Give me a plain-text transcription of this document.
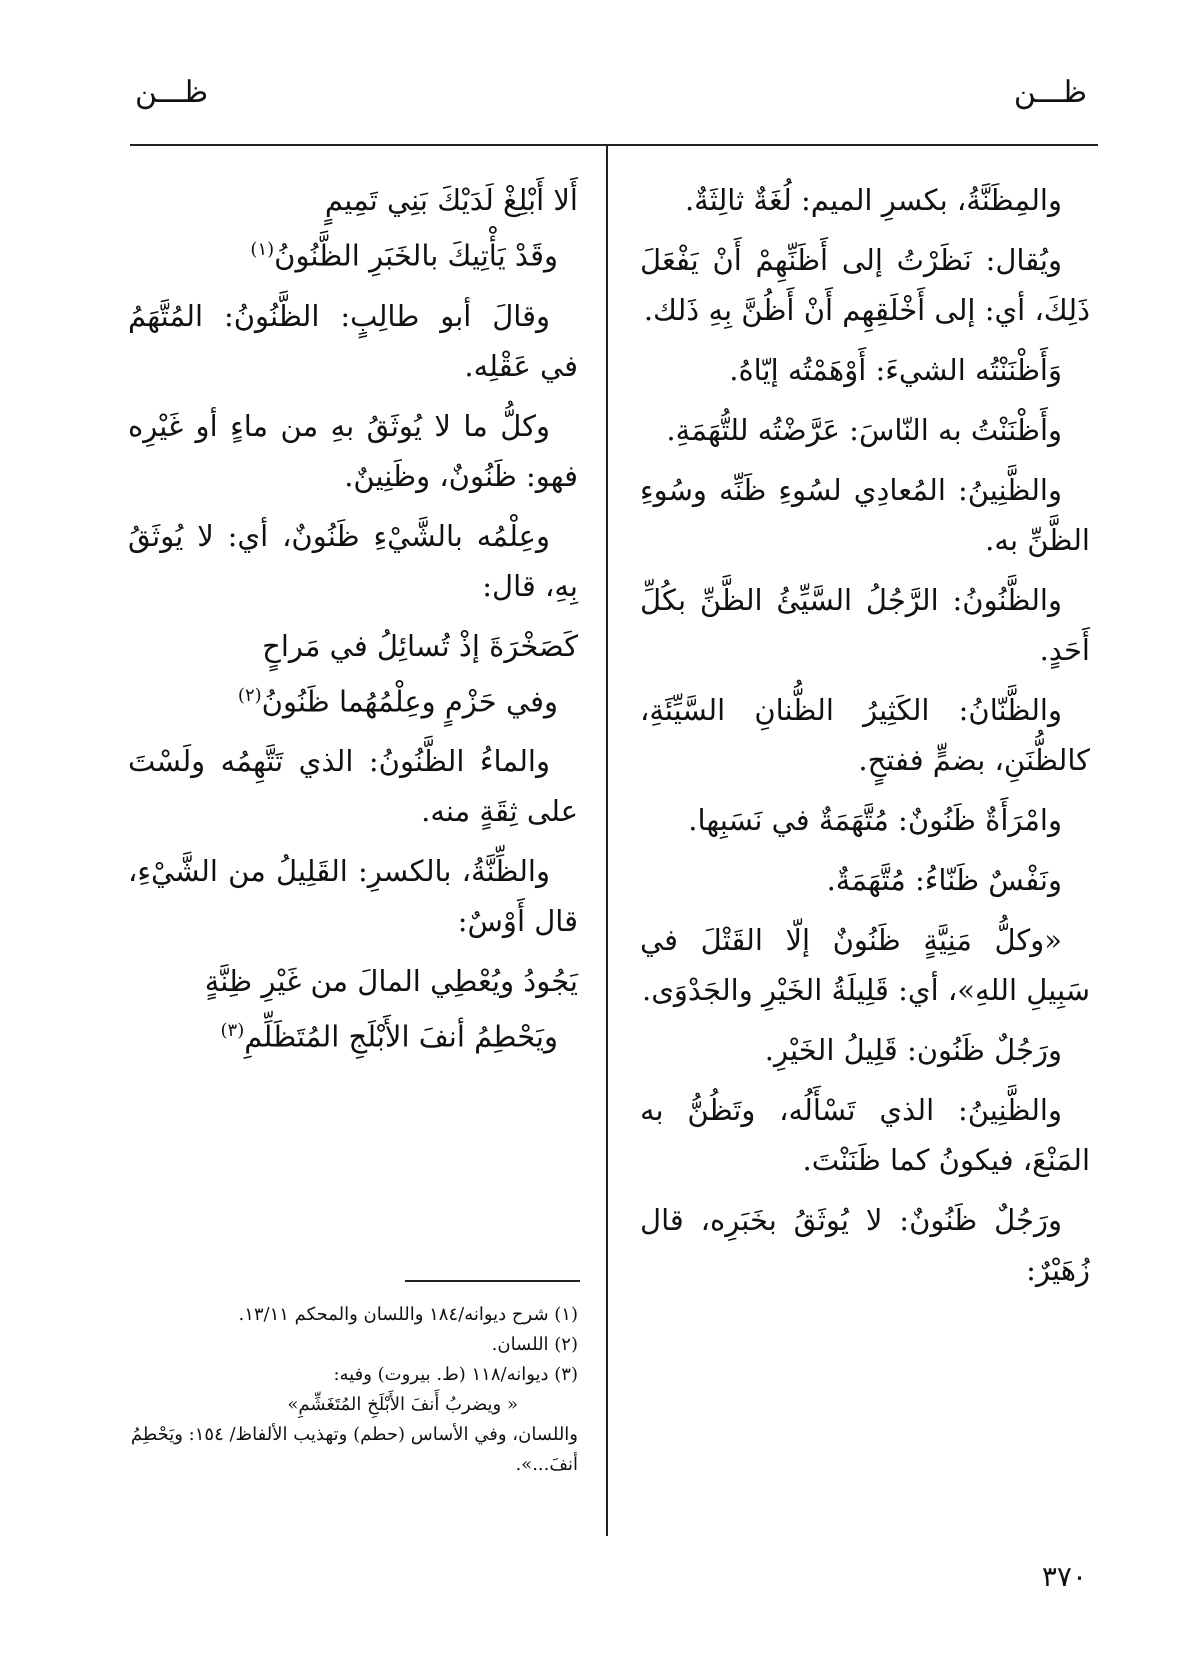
ظـــن
ظـــن

والمِظَنَّةُ، بكسرِ الميم: لُغَةٌ ثالِثَةٌ.

ويُقال: نَظَرْتُ إلى أَظَنِّهِمْ أَنْ يَفْعَلَ ذَلِكَ، أي: إلى أَخْلَقِهِم أَنْ أَظُنَّ بِهِ ذَلك.

وَأَظْنَنْتُه الشيءَ: أَوْهَمْتُه إيّاهُ.

وأَظْنَنْتُ به النّاسَ: عَرَّضْتُه للتُّهَمَةِ.

والظَّنِينُ: المُعادِي لسُوءِ ظَنِّه وسُوءِ الظَّنِّ به.

والظَّنُونُ: الرَّجُلُ السَّيِّئُ الظَّنِّ بكُلِّ أَحَدٍ.

والظَّنّانُ: الكَثِيرُ الظُّنانِ السَّيِّئَةِ، كالظُّنَنِ، بضمٍّ ففتحٍ.

وامْرَأَةٌ ظَنُونٌ: مُتَّهَمَةٌ في نَسَبِها.

ونَفْسٌ ظَنّاءُ: مُتَّهَمَةٌ.

«وكلُّ مَنِيَّةٍ ظَنُونٌ إلّا القَتْلَ في سَبِيلِ اللهِ»، أي: قَلِيلَةُ الخَيْرِ والجَدْوَى.

ورَجُلٌ ظَنُون: قَلِيلُ الخَيْرِ.

والظَّنِينُ: الذي تَسْأَلُه، وتَظُنُّ به المَنْعَ، فيكونُ كما ظَنَنْتَ.

ورَجُلٌ ظَنُونٌ: لا يُوثَقُ بخَبَرِه، قال زُهَيْرٌ:

أَلا أَبْلِغْ لَدَيْكَ بَنِي تَمِيمٍ
وقَدْ يَأْتِيكَ بالخَبَرِ الظَّنُونُ$^{(١)}$

وقالَ أبو طالِبٍ: الظَّنُونُ: المُتَّهَمُ في عَقْلِه.

وكلُّ ما لا يُوثَقُ بهِ من ماءٍ أو غَيْرِه فهو: ظَنُونٌ، وظَنِينٌ.

وعِلْمُه بالشَّيْءِ ظَنُونٌ، أي: لا يُوثَقُ بِهِ، قال:

كَصَخْرَةَ إذْ تُسائِلُ في مَراحٍ
وفي حَزْمٍ وعِلْمُهُما ظَنُونُ$^{(٢)}$

والماءُ الظَّنُونُ: الذي تَتَّهِمُه ولَسْتَ على ثِقَةٍ منه.

والظِّنَّةُ، بالكسرِ: القَلِيلُ من الشَّيْءِ، قال أَوْسٌ:

يَجُودُ ويُعْطِي المالَ من غَيْرِ ظِنَّةٍ
ويَحْطِمُ أنفَ الأَبْلَجِ المُتَظَلِّمِ$^{(٣)}$
(١) شرح ديوانه/١٨٤ واللسان والمحكم ١٣/١١.
(٢) اللسان.
(٣) ديوانه/١١٨ (ط. بيروت) وفيه:
« ويضربُ أَنفَ الأَبْلَخِ المُتَغَشِّمِ»
واللسان، وفي الأساس (حطم) وتهذيب الألفاظ/ ١٥٤: ويَحْطِمُ أنفَ...».
٣٧٠
